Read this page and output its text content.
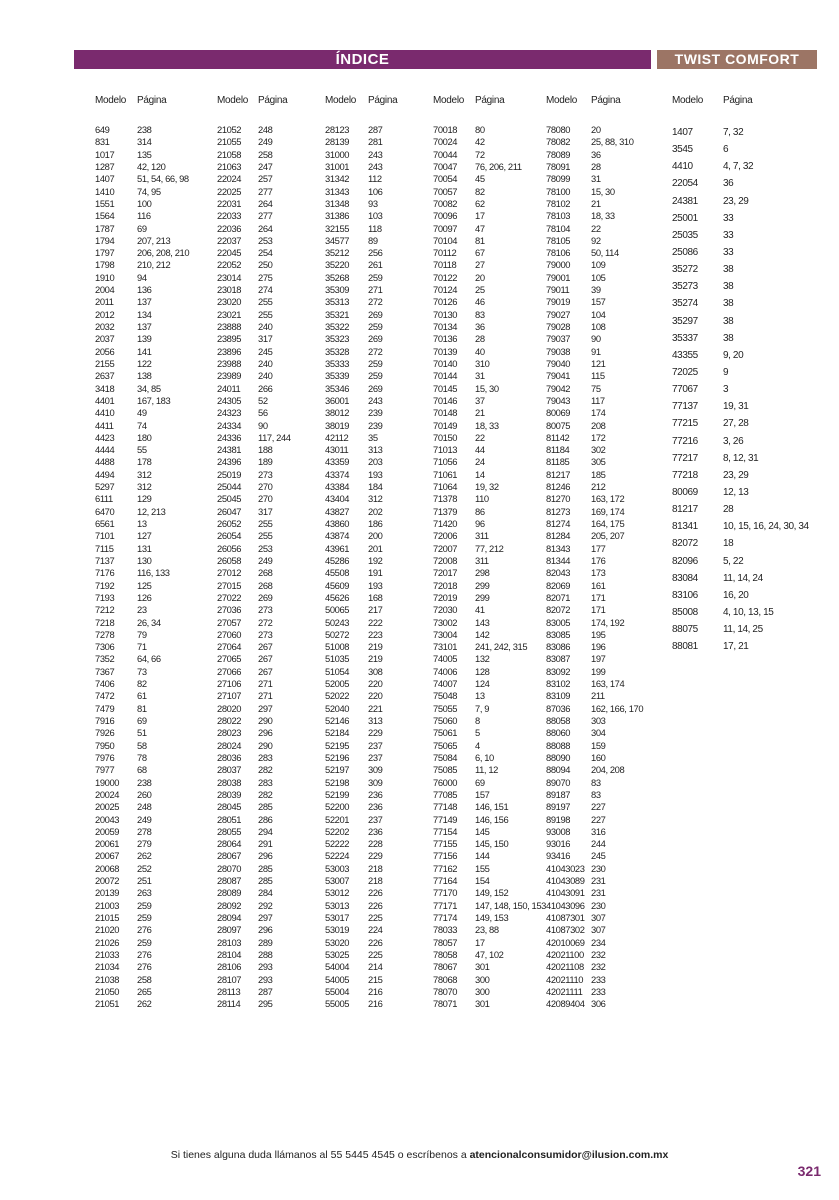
ÍNDICE	TWIST COMFORT
Modelo	Página
649	238
831	314
1017	135
1287	42, 120
1407	51, 54, 66, 98
1410	74, 95
1551	100
1564	116
1787	69
1794	207, 213
1797	206, 208, 210
1798	210, 212
1910	94
2004	136
2011	137
2012	134
2032	137
2037	139
2056	141
2155	122
2637	138
3418	34, 85
4401	167, 183
4410	49
4411	74
4423	180
4444	55
4488	178
4494	312
5297	312
6111	129
6470	12, 213
6561	13
7101	127
7115	131
7137	130
7176	116, 133
7192	125
7193	126
7212	23
7218	26, 34
7278	79
7306	71
7352	64, 66
7367	73
7406	82
7472	61
7479	81
7916	69
7926	51
7950	58
7976	78
7977	68
19000	238
20024	260
20025	248
20043	249
20059	278
20061	279
20067	262
20068	252
20072	251
20139	263
21003	259
21015	259
21020	276
21026	259
21033	276
21034	276
21038	258
21050	265
21051	262
Modelo	Página
21052	248
21055	249
21058	258
21063	247
22024	257
22025	277
22031	264
22033	277
22036	264
22037	253
22045	254
22052	250
23014	275
23018	274
23020	255
23021	255
23888	240
23895	317
23896	245
23988	240
23989	240
24011	266
24305	52
24323	56
24334	90
24336	117, 244
24381	188
24396	189
25019	273
25044	270
25045	270
26047	317
26052	255
26054	255
26056	253
26058	249
27012	268
27015	268
27022	269
27036	273
27057	272
27060	273
27064	267
27065	267
27066	267
27106	271
27107	271
28020	297
28022	290
28023	296
28024	290
28036	283
28037	282
28038	283
28039	282
28045	285
28051	286
28055	294
28064	291
28067	296
28070	285
28087	285
28089	284
28092	292
28094	297
28097	296
28103	289
28104	288
28106	293
28107	293
28113	287
28114	295
Modelo	Página
28123	287
28139	281
31000	243
31001	243
31342	112
31343	106
31348	93
31386	103
32155	118
34577	89
35212	256
35220	261
35268	259
35309	271
35313	272
35321	269
35322	259
35323	269
35328	272
35333	259
35339	259
35346	269
36001	243
38012	239
38019	239
42112	35
43011	313
43359	203
43374	193
43384	184
43404	312
43827	202
43860	186
43874	200
43961	201
45286	192
45508	191
45609	193
45626	168
50065	217
50243	222
50272	223
51008	219
51035	219
51054	308
52005	220
52022	220
52040	221
52146	313
52184	229
52195	237
52196	237
52197	309
52198	309
52199	236
52200	236
52201	237
52202	236
52222	228
52224	229
53003	218
53007	218
53012	226
53013	226
53017	225
53019	224
53020	226
53025	225
54004	214
54005	215
55004	216
55005	216
Modelo	Página
70018	80
70024	42
70044	72
70047	76, 206, 211
70054	45
70057	82
70082	62
70096	17
70097	47
70104	81
70112	67
70118	27
70122	20
70124	25
70126	46
70130	83
70134	36
70136	28
70139	40
70140	310
70144	31
70145	15, 30
70146	37
70148	21
70149	18, 33
70150	22
71013	44
71056	24
71061	14
71064	19, 32
71378	110
71379	86
71420	96
72006	311
72007	77, 212
72008	311
72017	298
72018	299
72019	299
72030	41
73002	143
73004	142
73101	241, 242, 315
74005	132
74006	128
74007	124
75048	13
75055	7, 9
75060	8
75061	5
75065	4
75084	6, 10
75085	11, 12
76000	69
77085	157
77148	146, 151
77149	146, 156
77154	145
77155	145, 150
77156	144
77162	155
77164	154
77170	149, 152
77171	147, 148, 150, 153
77174	149, 153
78033	23, 88
78057	17
78058	47, 102
78067	301
78068	300
78070	300
78071	301
Modelo	Página
78080	20
78082	25, 88, 310
78089	36
78091	28
78099	31
78100	15, 30
78102	21
78103	18, 33
78104	22
78105	92
78106	50, 114
79000	109
79001	105
79011	39
79019	157
79027	104
79028	108
79037	90
79038	91
79040	121
79041	115
79042	75
79043	117
80069	174
80075	208
81142	172
81184	302
81185	305
81217	185
81246	212
81270	163, 172
81273	169, 174
81274	164, 175
81284	205, 207
81343	177
81344	176
82043	173
82069	161
82071	171
82072	171
83005	174, 192
83085	195
83086	196
83087	197
83092	199
83102	163, 174
83109	211
87036	162, 166, 170
88058	303
88060	304
88088	159
88090	160
88094	204, 208
89070	83
89187	83
89197	227
89198	227
93008	316
93016	244
93416	245
41043023 230
41043089 231
41043091 231
41043096 230
41087301 307
41087302 307
42010069 234
42021100 232
42021108 232
42021110 233
42021111 233
42089404 306
Modelo	Página
1407	7, 32
3545	6
4410	4, 7, 32
22054	36
24381	23, 29
25001	33
25035	33
25086	33
35272	38
35273	38
35274	38
35297	38
35337	38
43355	9, 20
72025	9
77067	3
77137	19, 31
77215	27, 28
77216	3, 26
77217	8, 12, 31
77218	23, 29
80069	12, 13
81217	28
81341	10, 15, 16, 24, 30, 34
82072	18
82096	5, 22
83084	11, 14, 24
83106	16, 20
85008	4, 10, 13, 15
88075	11, 14, 25
88081	17, 21
Si tienes alguna duda llámanos al 55 5445 4545 o escríbenos a atencionalconsumidor@ilusion.com.mx
321
